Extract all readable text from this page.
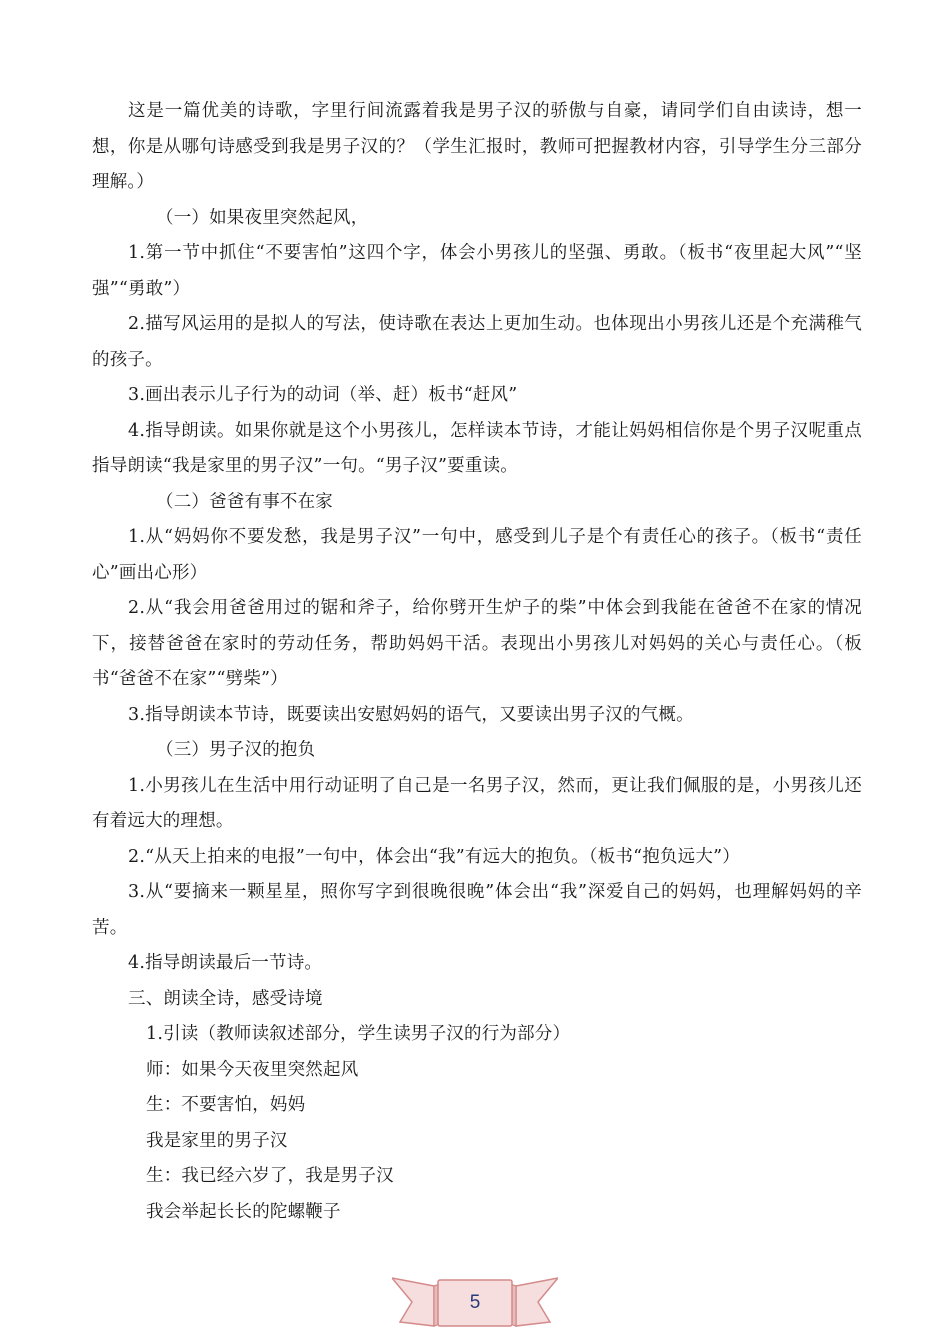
这是一篇优美的诗歌，字里行间流露着我是男子汉的骄傲与自豪，请同学们自由读诗，想一想，你是从哪句诗感受到我是男子汉的？（学生汇报时，教师可把握教材内容，引导学生分三部分理解。）

（一）如果夜里突然起风，

1.第一节中抓住“不要害怕”这四个字，体会小男孩儿的坚强、勇敢。（板书“夜里起大风”“坚强”“勇敢”）

2.描写风运用的是拟人的写法，使诗歌在表达上更加生动。也体现出小男孩儿还是个充满稚气的孩子。

3.画出表示儿子行为的动词（举、赶）板书“赶风”

4.指导朗读。如果你就是这个小男孩儿，怎样读本节诗，才能让妈妈相信你是个男子汉呢重点指导朗读“我是家里的男子汉”一句。“男子汉”要重读。

（二）爸爸有事不在家

1.从“妈妈你不要发愁，我是男子汉”一句中，感受到儿子是个有责任心的孩子。（板书“责任心”画出心形）

2.从“我会用爸爸用过的锯和斧子，给你劈开生炉子的柴”中体会到我能在爸爸不在家的情况下，接替爸爸在家时的劳动任务，帮助妈妈干活。表现出小男孩儿对妈妈的关心与责任心。（板书“爸爸不在家”“劈柴”）

3.指导朗读本节诗，既要读出安慰妈妈的语气，又要读出男子汉的气概。

（三）男子汉的抱负

1.小男孩儿在生活中用行动证明了自己是一名男子汉，然而，更让我们佩服的是，小男孩儿还有着远大的理想。

2.“从天上拍来的电报”一句中，体会出“我”有远大的抱负。（板书“抱负远大”）

3.从“要摘来一颗星星，照你写字到很晚很晚”体会出“我”深爱自己的妈妈，也理解妈妈的辛苦。

4.指导朗读最后一节诗。

三、朗读全诗，感受诗境

1.引读（教师读叙述部分，学生读男子汉的行为部分）

师：如果今天夜里突然起风

生：不要害怕，妈妈

我是家里的男子汉

生：我已经六岁了，我是男子汉

我会举起长长的陀螺鞭子

5
